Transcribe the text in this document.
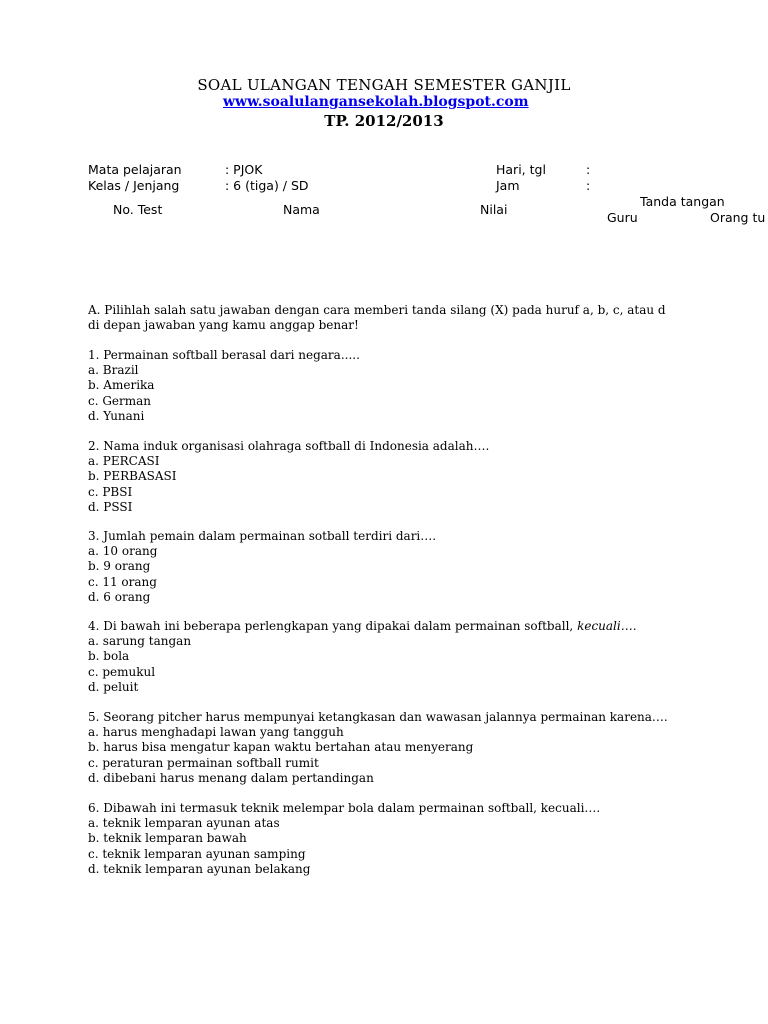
SOAL ULANGAN TENGAH SEMESTER GANJIL
www.soalulangansekolah.blogspot.com
TP. 2012/2013
Mata pelajaran	: PJOK
Kelas / Jenjang	: 6 (tiga) / SD
Hari, tgl	:
Jam	:
Tanda tangan
No. Test	Nama	Nilai
Guru	Orang tu
A. Pilihlah salah satu jawaban dengan cara memberi tanda silang (X) pada huruf a, b, c, atau d
di depan jawaban yang kamu anggap benar!
1. Permainan softball berasal dari negara.....
a. Brazil
b. Amerika
c. German
d. Yunani
2. Nama induk organisasi olahraga softball di Indonesia adalah….
a. PERCASI
b. PERBASASI
c. PBSI
d. PSSI
3. Jumlah pemain dalam permainan sotball terdiri dari….
a. 10 orang
b. 9 orang
c. 11 orang
d. 6 orang
4. Di bawah ini beberapa perlengkapan yang dipakai dalam permainan softball, kecuali….
a. sarung tangan
b. bola
c. pemukul
d. peluit
5. Seorang pitcher harus mempunyai ketangkasan dan wawasan jalannya permainan karena….
a. harus menghadapi lawan yang tangguh
b. harus bisa mengatur kapan waktu bertahan atau menyerang
c. peraturan permainan softball rumit
d. dibebani harus menang dalam pertandingan
6. Dibawah ini termasuk teknik melempar bola dalam permainan softball, kecuali….
a. teknik lemparan ayunan atas
b. teknik lemparan bawah
c. teknik lemparan ayunan samping
d. teknik lemparan ayunan belakang
